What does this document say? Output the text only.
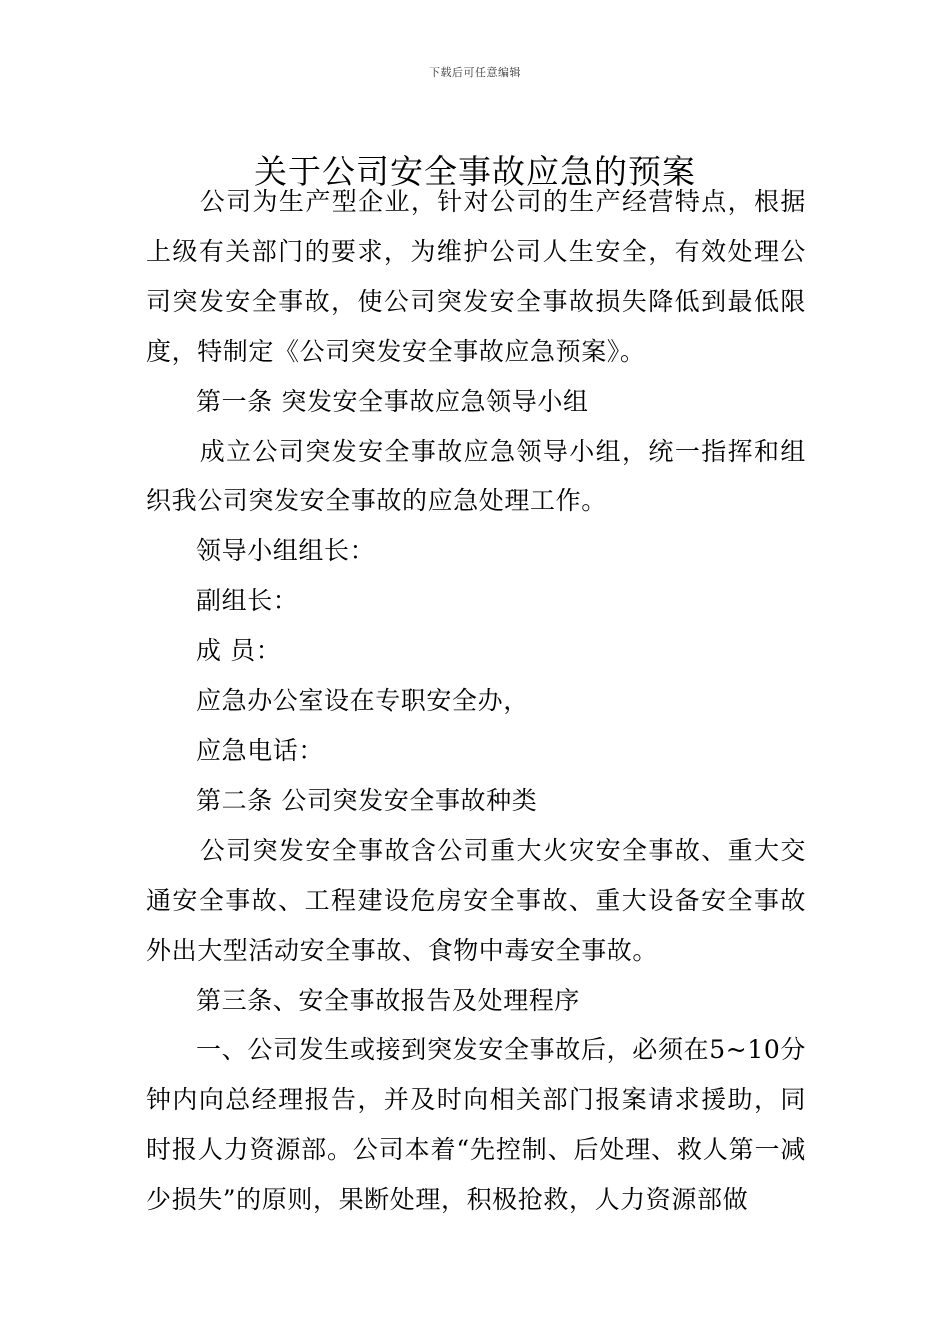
下载后可任意编辑
关于公司安全事故应急的预案

公司为生产型企业，针对公司的生产经营特点，根据上级有关部门的要求，为维护公司人生安全，有效处理公司突发安全事故，使公司突发安全事故损失降低到最低限度，特制定《公司突发安全事故应急预案》。

第一条 突发安全事故应急领导小组

成立公司突发安全事故应急领导小组，统一指挥和组织我公司突发安全事故的应急处理工作。

领导小组组长：

副组长：

成 员：

应急办公室设在专职安全办，

应急电话：

第二条 公司突发安全事故种类

公司突发安全事故含公司重大火灾安全事故、重大交通安全事故、工程建设危房安全事故、重大设备安全事故外出大型活动安全事故、食物中毒安全事故。

第三条、安全事故报告及处理程序

一、公司发生或接到突发安全事故后，必须在5~10分钟内向总经理报告，并及时向相关部门报案请求援助，同时报人力资源部。公司本着“先控制、后处理、救人第一减少损失”的原则，果断处理，积极抢救，人力资源部做
